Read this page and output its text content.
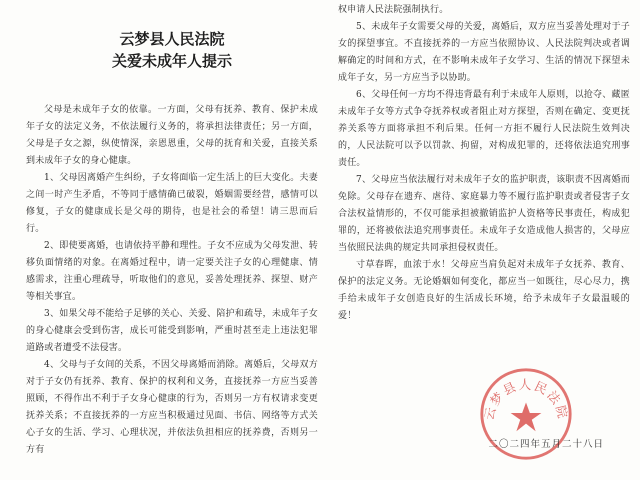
云梦县人民法院
关爱未成年人提示

父母是未成年子女的依靠。一方面，父母有抚养、教育、保护未成年子女的法定义务，不依法履行义务的，将承担法律责任；另一方面，父母是子女之源，纵使情深，亲恩恩重，父母的抚育和关爱，直接关系到未成年子女的身心健康。

1、父母因离婚产生纠纷，子女将面临一定生活上的巨大变化。夫妻之间一时产生矛盾，不等同于感情确已破裂，婚姻需要经营，感情可以修复，子女的健康成长是父母的期待，也是社会的希望！请三思而后行。

2、即使要离婚，也请依持平静和理性。子女不应成为父母发泄、转移负面情绪的对象。在离婚过程中，请一定要关注子女的心理健康、情感需求，注重心理疏导，听取他们的意见，妥善处理抚养、探望、财产等相关事宜。

3、如果父母不能给子足够的关心、关爱、陪护和疏导，未成年子女的身心健康会受到伤害，成长可能受到影响，严重时甚至走上违法犯罪道路或者遭受不法侵害。

4、父母与子女间的关系，不因父母离婚而消除。离婚后，父母双方对于子女仍有抚养、教育、保护的权利和义务，直接抚养一方应当妥善照顾，不得作出不利于子女身心健康的行为，否则另一方有权请求变更抚养关系；不直接抚养的一方应当积极通过见面、书信、网络等方式关心子女的生活、学习、心理状况，并依法负担相应的抚养费，否则另一方有

权申请人民法院强制执行。

5、未成年子女需要父母的关爱，离婚后，双方应当妥善处理对于子女的探望事宜。不直接抚养的一方应当依照协议、人民法院判决或者调解确定的时间和方式，在不影响未成年子女学习、生活的情况下探望未成年子女，另一方应当予以协助。

6、父母任何一方均不得违背最有利于未成年人原则，以抢夺、藏匿未成年子女等方式争夺抚养权或者阻止对方探望，否则在确定、变更抚养关系等方面将承担不利后果。任何一方拒不履行人民法院生效判决的，人民法院可以予以罚款、拘留，对构成犯罪的，还将依法追究刑事责任。

7、父母应当依法履行对未成年子女的监护职责，该职责不因离婚而免除。父母存在遗弃、虐待、家庭暴力等不履行监护职责或者侵害子女合法权益情形的，不仅可能承担被撤销监护人资格等民事责任，构成犯罪的，还将被依法追究刑事责任。未成年子女造成他人损害的，父母应当依照民法典的规定共同承担侵权责任。

寸草春晖，血浓于水！父母应当肩负起对未成年子女抚养、教育、保护的法定义务。无论婚姻如何变化，都应当一如既往，尽心尽力，携手给未成年子女创造良好的生活成长环境，给予未成年子女最温暖的爱！

云梦县人民法院
二〇二四年五月二十八日
